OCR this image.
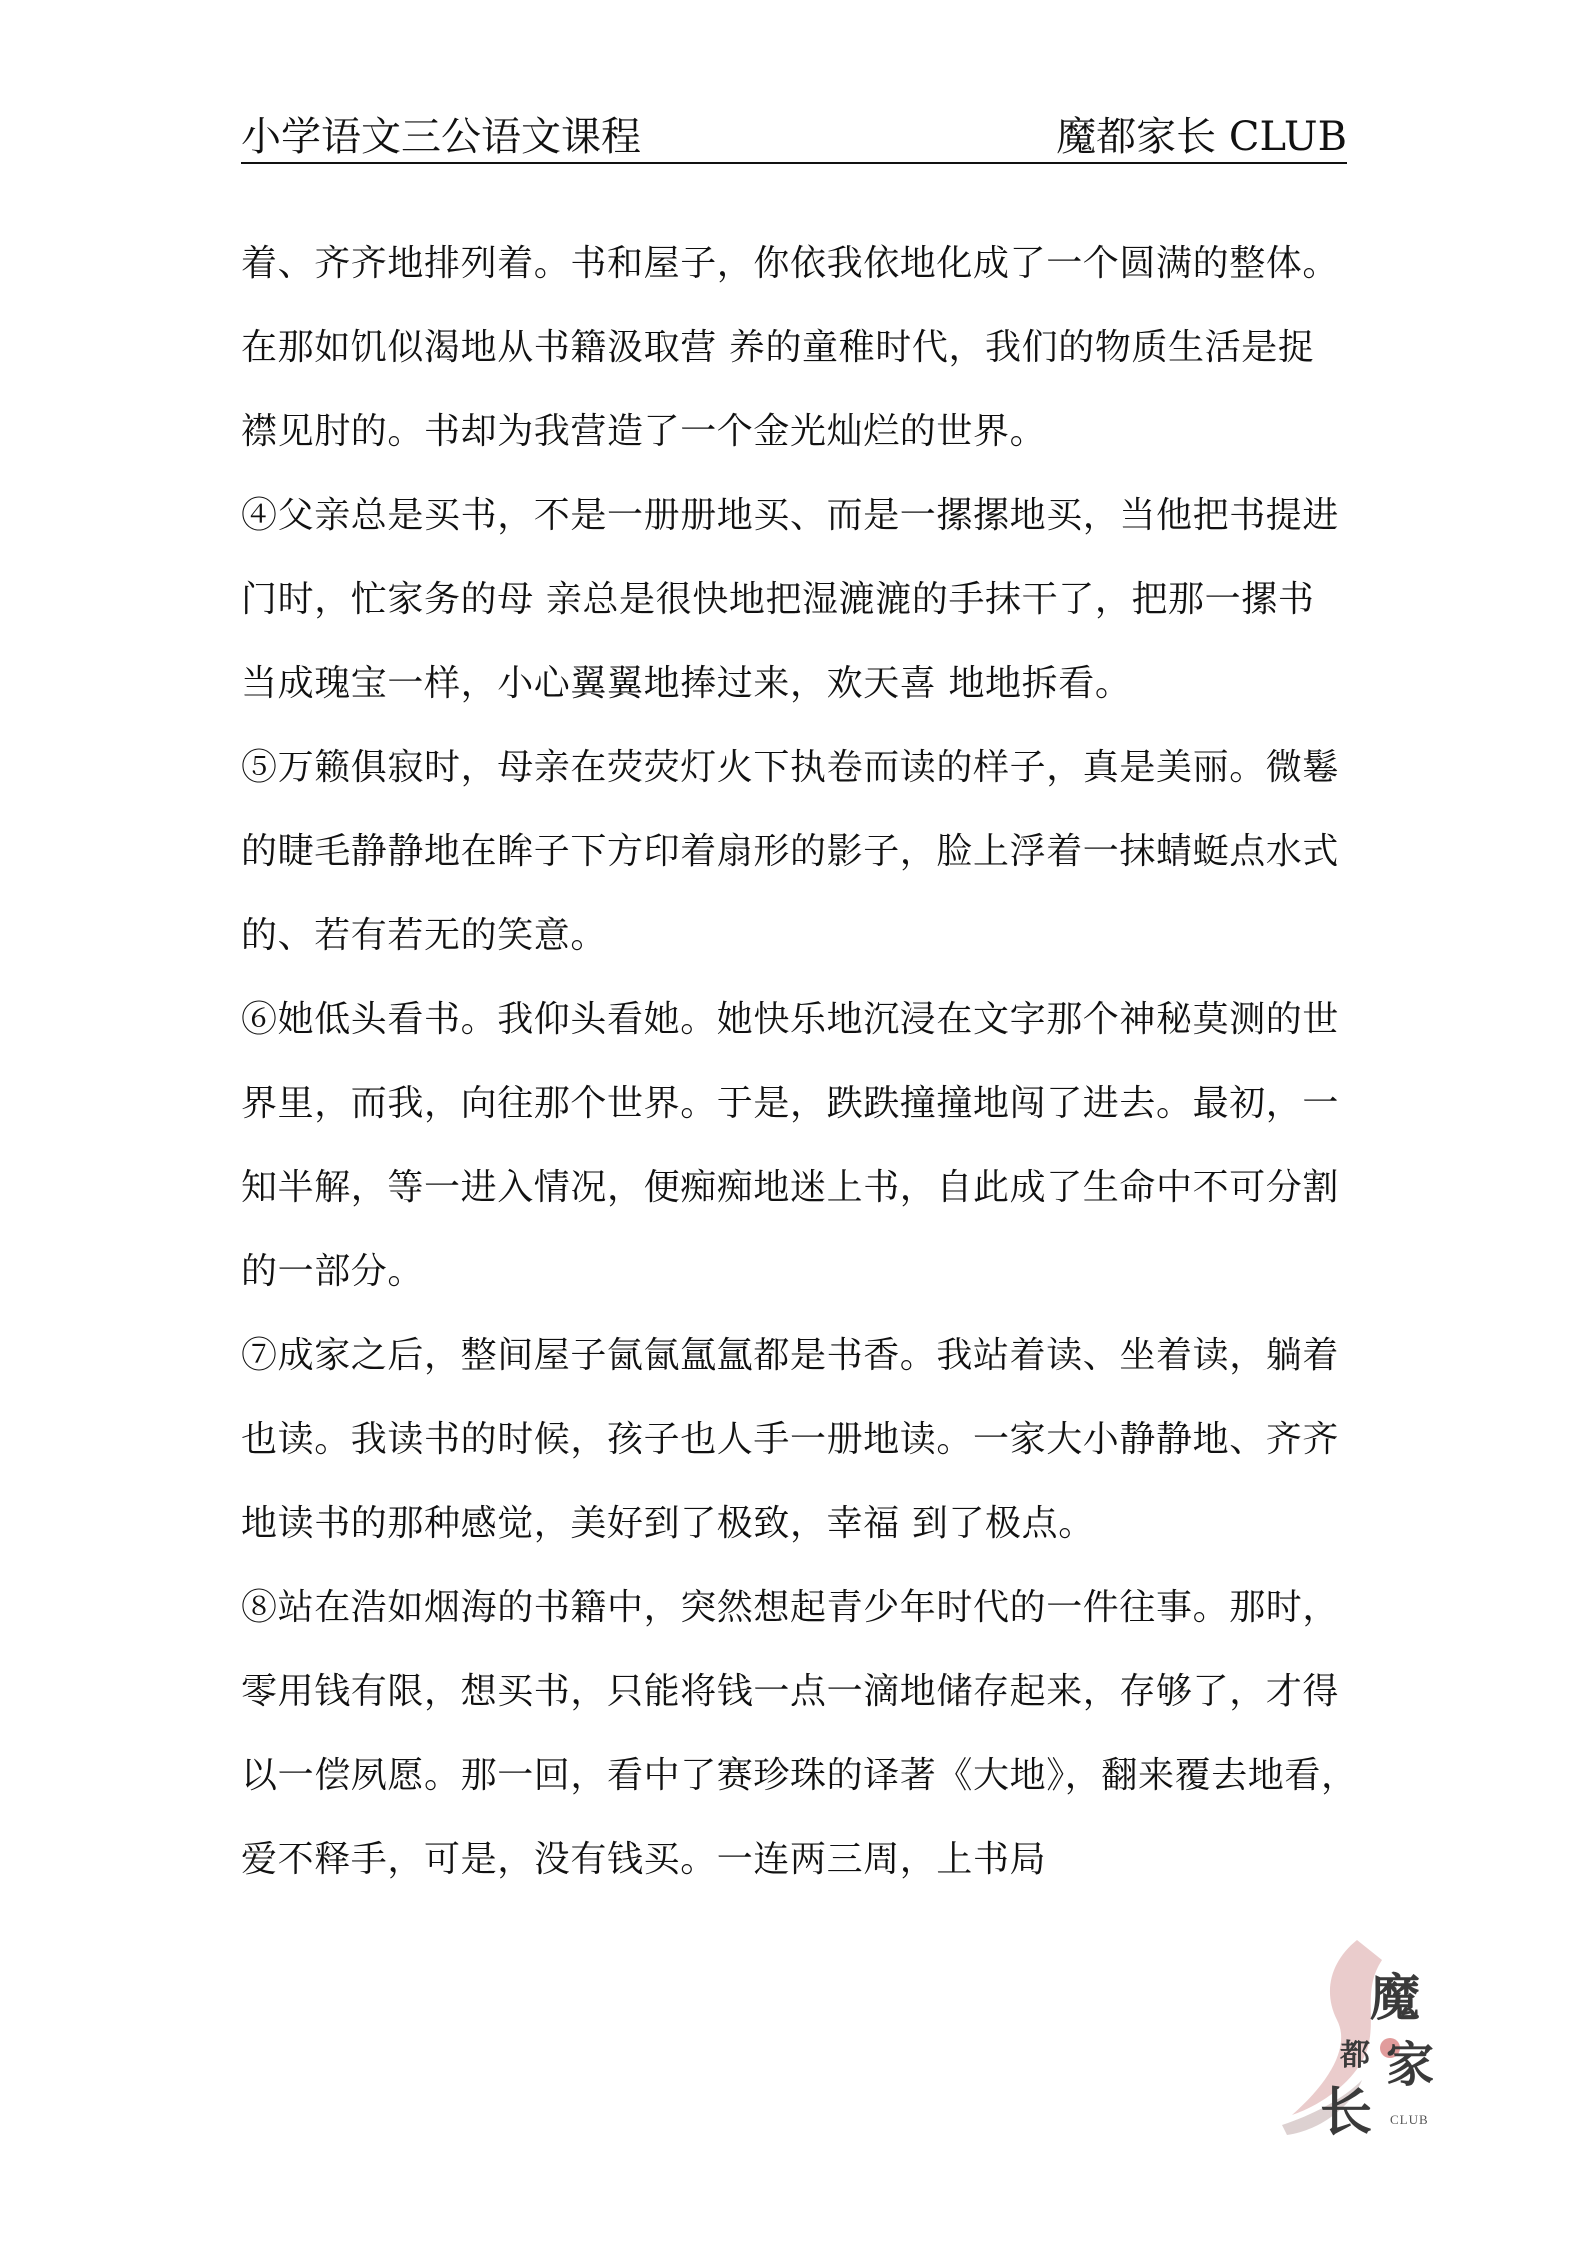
小学语文三公语文课程	魔都家长 CLUB
着、齐齐地排列着。书和屋子，你依我依地化成了一个圆满的整体。
在那如饥似渴地从书籍汲取营 养的童稚时代，我们的物质生活是捉
襟见肘的。书却为我营造了一个金光灿烂的世界。
④父亲总是买书，不是一册册地买、而是一摞摞地买，当他把书提进
门时，忙家务的母 亲总是很快地把湿漉漉的手抹干了，把那一摞书
当成瑰宝一样，小心翼翼地捧过来，欢天喜 地地拆看。
⑤万籁俱寂时，母亲在荧荧灯火下执卷而读的样子，真是美丽。微鬈
的睫毛静静地在眸子下方印着扇形的影子，脸上浮着一抹蜻蜓点水式
的、若有若无的笑意。
⑥她低头看书。我仰头看她。她快乐地沉浸在文字那个神秘莫测的世
界里，而我，向往那个世界。于是，跌跌撞撞地闯了进去。最初，一
知半解，等一进入情况，便痴痴地迷上书，自此成了生命中不可分割
的一部分。
⑦成家之后，整间屋子氤氤氲氲都是书香。我站着读、坐着读，躺着
也读。我读书的时候，孩子也人手一册地读。一家大小静静地、齐齐
地读书的那种感觉，美好到了极致，幸福 到了极点。
⑧站在浩如烟海的书籍中，突然想起青少年时代的一件往事。那时，
零用钱有限，想买书，只能将钱一点一滴地储存起来，存够了，才得
以一偿夙愿。那一回，看中了赛珍珠的译著《大地》，翻来覆去地看，
爱不释手，可是，没有钱买。一连两三周，上书局
魔
都 家
长 CLUB
